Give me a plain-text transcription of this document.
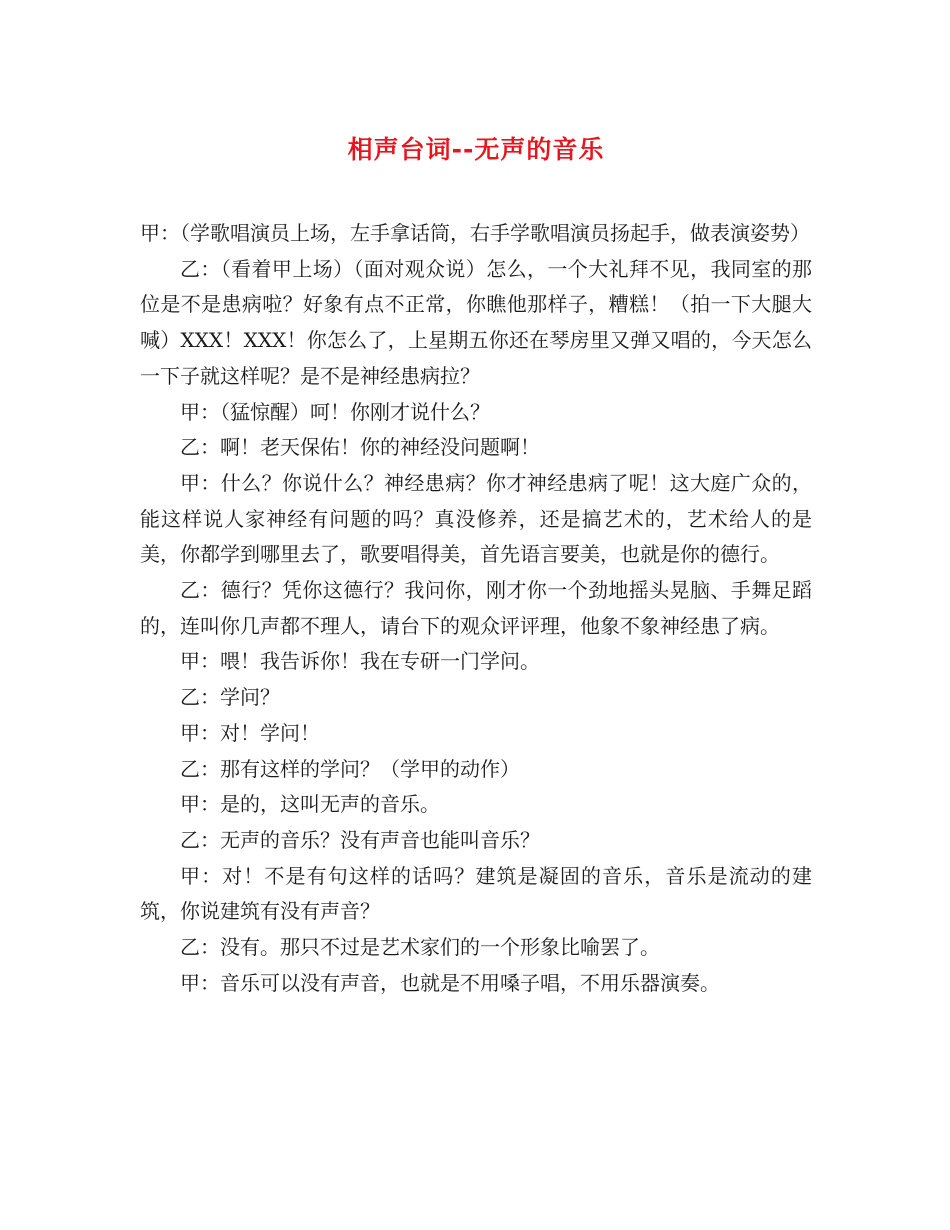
相声台词--无声的音乐

甲：（学歌唱演员上场，左手拿话筒，右手学歌唱演员扬起手，做表演姿势）

乙：（看着甲上场）（面对观众说）怎么，一个大礼拜不见，我同室的那位是不是患病啦？好象有点不正常，你瞧他那样子，糟糕！（拍一下大腿大喊）XXX！XXX！你怎么了，上星期五你还在琴房里又弹又唱的，今天怎么一下子就这样呢？是不是神经患病拉？

甲：（猛惊醒）呵！你刚才说什么？

乙：啊！老天保佑！你的神经没问题啊！

甲：什么？你说什么？神经患病？你才神经患病了呢！这大庭广众的，能这样说人家神经有问题的吗？真没修养，还是搞艺术的，艺术给人的是美，你都学到哪里去了，歌要唱得美，首先语言要美，也就是你的德行。

乙：德行？凭你这德行？我问你，刚才你一个劲地摇头晃脑、手舞足蹈的，连叫你几声都不理人，请台下的观众评评理，他象不象神经患了病。

甲：喂！我告诉你！我在专研一门学问。

乙：学问？

甲：对！学问！

乙：那有这样的学问？（学甲的动作）

甲：是的，这叫无声的音乐。

乙：无声的音乐？没有声音也能叫音乐？

甲：对！不是有句这样的话吗？建筑是凝固的音乐，音乐是流动的建筑，你说建筑有没有声音？

乙：没有。那只不过是艺术家们的一个形象比喻罢了。

甲：音乐可以没有声音，也就是不用嗓子唱，不用乐器演奏。
